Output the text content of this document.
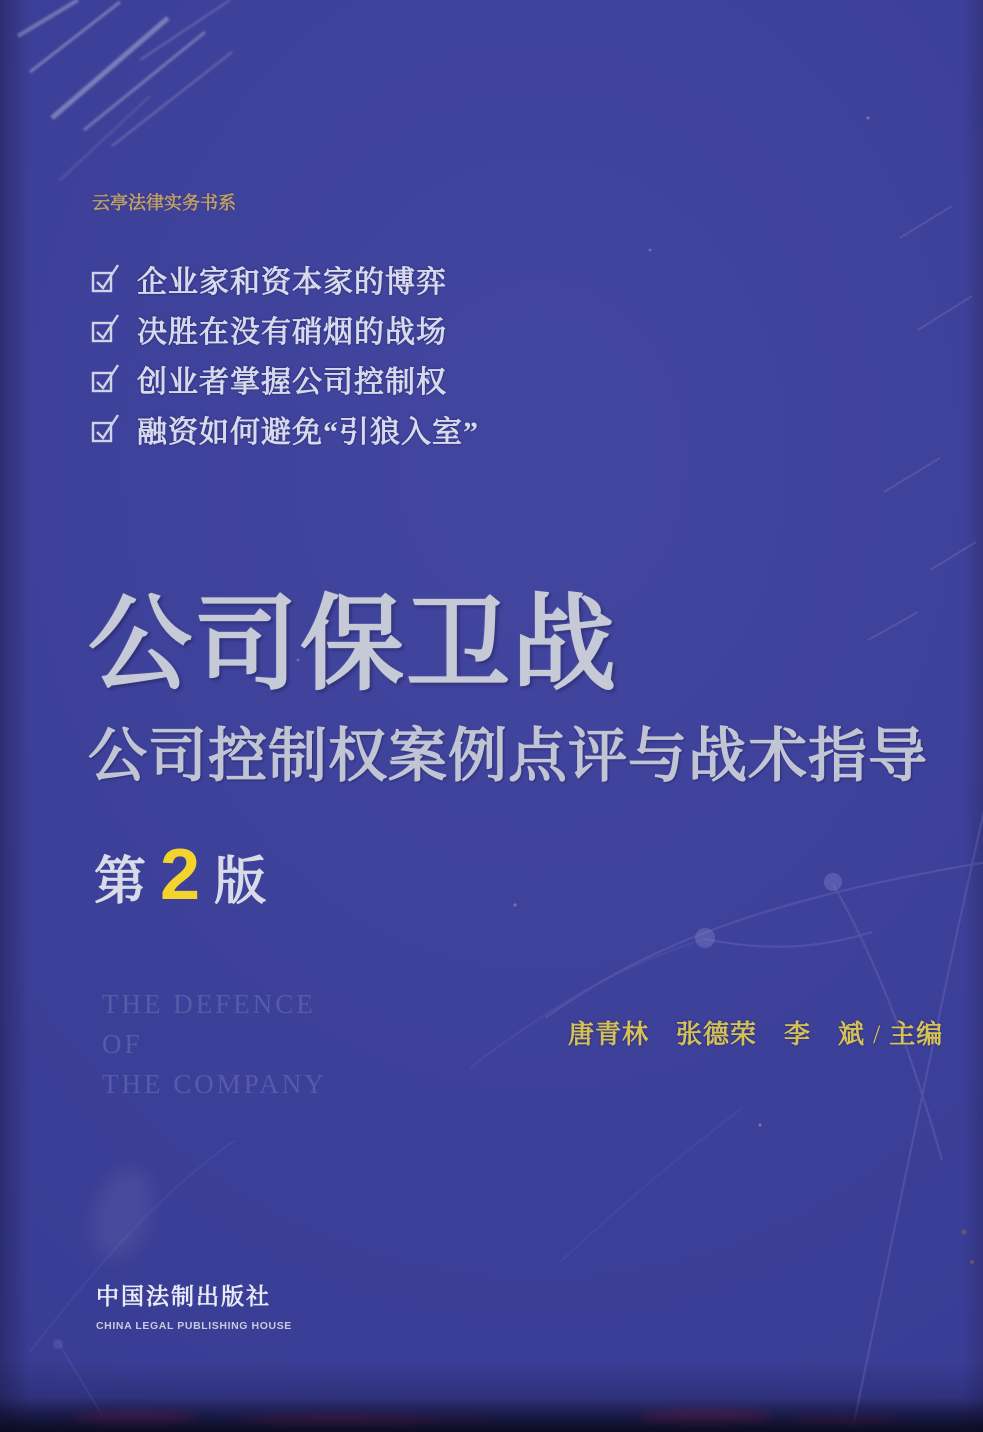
云亭法律实务书系
企业家和资本家的博弈
决胜在没有硝烟的战场
创业者掌握公司控制权
融资如何避免“引狼入室”
公司保卫战
公司控制权案例点评与战术指导
第 2 版
THE DEFENCE
OF
THE COMPANY
唐青林　张德荣　李　斌 / 主编
中国法制出版社
CHINA LEGAL PUBLISHING HOUSE
